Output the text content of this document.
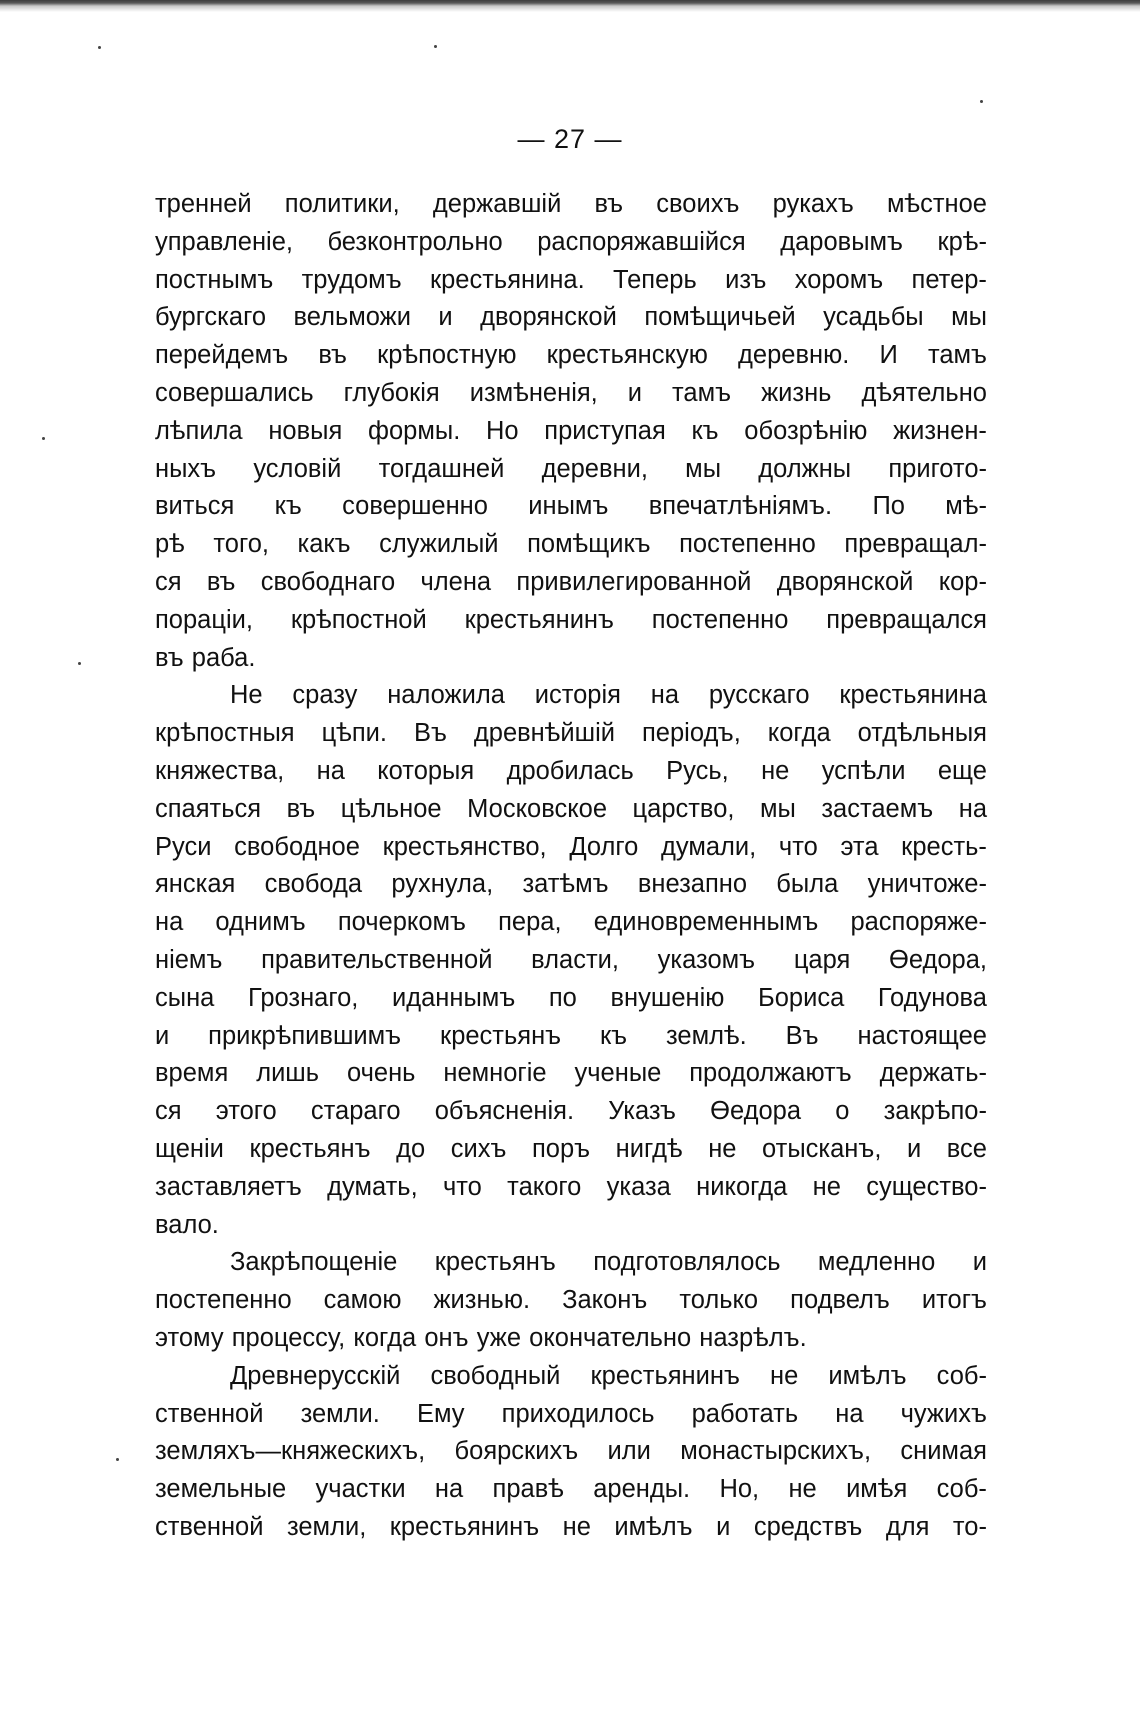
— 27 —
тренней политики, державшій въ своихъ рукахъ мѣстное
управленіе, безконтрольно распоряжавшійся даровымъ крѣ-
постнымъ трудомъ крестьянина. Теперь изъ хоромъ петер-
бургскаго вельможи и дворянской помѣщичьей усадьбы мы
перейдемъ въ крѣпостную крестьянскую деревню. И тамъ
совершались глубокія измѣненія, и тамъ жизнь дѣятельно
лѣпила новыя формы. Но приступая къ обозрѣнію жизнен-
ныхъ условій тогдашней деревни, мы должны пригото-
виться къ совершенно инымъ впечатлѣніямъ. По мѣ-
рѣ того, какъ служилый помѣщикъ постепенно превращал-
ся въ свободнаго члена привилегированной дворянской кор-
пораціи, крѣпостной крестьянинъ постепенно превращался
въ раба.
Не сразу наложила исторія на русскаго крестьянина
крѣпостныя цѣпи. Въ древнѣйшій періодъ, когда отдѣльныя
княжества, на которыя дробилась Русь, не успѣли еще
спаяться въ цѣльное Московское царство, мы застаемъ на
Руси свободное крестьянство, Долго думали, что эта кресть-
янская свобода рухнула, затѣмъ внезапно была уничтоже-
на однимъ почеркомъ пера, единовременнымъ распоряже-
ніемъ правительственной власти, указомъ царя Өедора,
сына Грознаго, иданнымъ по внушенію Бориса Годунова
и прикрѣпившимъ крестьянъ къ землѣ. Въ настоящее
время лишь очень немногіе ученые продолжаютъ держать-
ся этого стараго объясненія. Указъ Өедора о закрѣпо-
щеніи крестьянъ до сихъ поръ нигдѣ не отысканъ, и все
заставляетъ думать, что такого указа никогда не существо-
вало.
Закрѣпощеніе крестьянъ подготовлялось медленно и
постепенно самою жизнью. Законъ только подвелъ итогъ
этому процессу, когда онъ уже окончательно назрѣлъ.
Древнерусскій свободный крестьянинъ не имѣлъ соб-
ственной земли. Ему приходилось работать на чужихъ
земляхъ—княжескихъ, боярскихъ или монастырскихъ, снимая
земельные участки на правѣ аренды. Но, не имѣя соб-
ственной земли, крестьянинъ не имѣлъ и средствъ для то-
